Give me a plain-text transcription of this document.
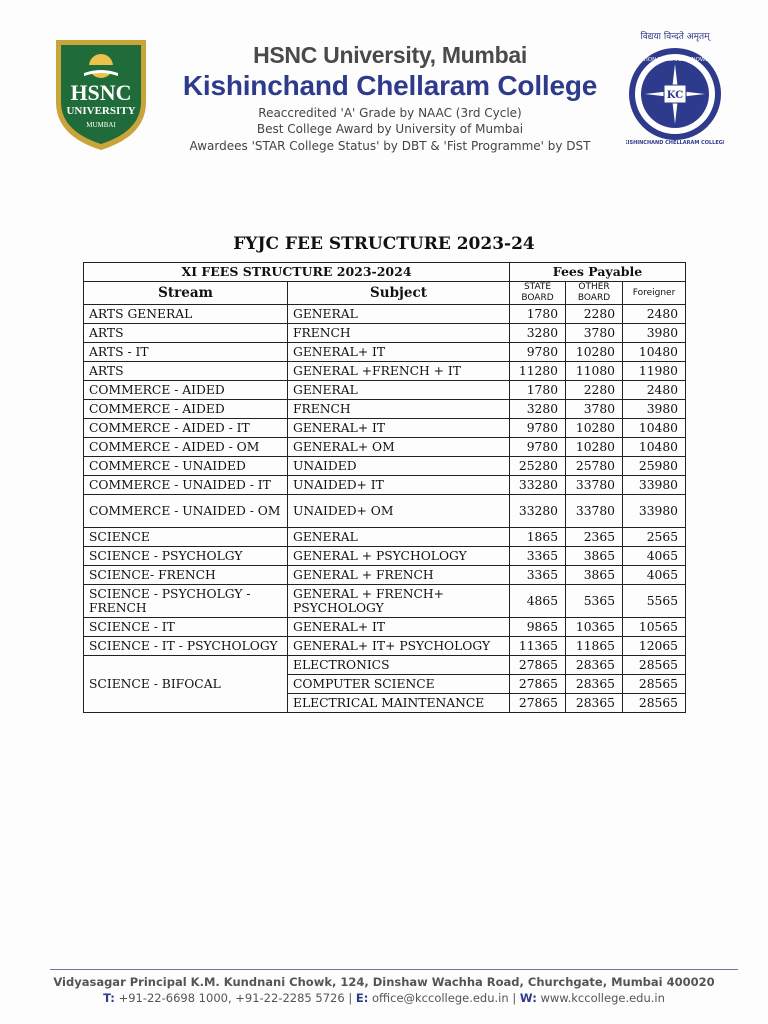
HSNC
UNIVERSITY
MUMBAI
HSNC University, Mumbai
Kishinchand Chellaram College
Reaccredited 'A' Grade by NAAC (3rd Cycle)
Best College Award by University of Mumbai
Awardees 'STAR College Status' by DBT & 'Fist Programme' by DST
विद्यया विन्दते अमृतम्
KC
SALVATION THROUGH KNOWLEDGE
KISHINCHAND CHELLARAM COLLEGE
FYJC FEE STRUCTURE 2023-24
XI FEES STRUCTURE 2023-2024		Fees Payable		
Stream	Subject	STATE BOARD	OTHER BOARD	Foreigner
ARTS GENERAL	GENERAL	1780	2280	2480
ARTS	FRENCH	3280	3780	3980
ARTS - IT	GENERAL+ IT	9780	10280	10480
ARTS	GENERAL +FRENCH + IT	11280	11080	11980
COMMERCE - AIDED	GENERAL	1780	2280	2480
COMMERCE - AIDED	FRENCH	3280	3780	3980
COMMERCE - AIDED - IT	GENERAL+ IT	9780	10280	10480
COMMERCE - AIDED - OM	GENERAL+ OM	9780	10280	10480
COMMERCE - UNAIDED	UNAIDED	25280	25780	25980
COMMERCE - UNAIDED - IT	UNAIDED+ IT	33280	33780	33980
COMMERCE - UNAIDED - OM	UNAIDED+ OM	33280	33780	33980
SCIENCE	GENERAL	1865	2365	2565
SCIENCE - PSYCHOLGY	GENERAL + PSYCHOLOGY	3365	3865	4065
SCIENCE- FRENCH	GENERAL + FRENCH	3365	3865	4065
SCIENCE - PSYCHOLGY - FRENCH	GENERAL + FRENCH+ PSYCHOLOGY	4865	5365	5565
SCIENCE - IT	GENERAL+ IT	9865	10365	10565
SCIENCE - IT - PSYCHOLOGY	GENERAL+ IT+ PSYCHOLOGY	11365	11865	12065
SCIENCE - BIFOCAL	ELECTRONICS	27865	28365	28565
	COMPUTER SCIENCE	27865	28365	28565
	ELECTRICAL MAINTENANCE	27865	28365	28565
Vidyasagar Principal K.M. Kundnani Chowk, 124, Dinshaw Wachha Road, Churchgate, Mumbai 400020
T: +91-22-6698 1000, +91-22-2285 5726 | E: office@kccollege.edu.in | W: www.kccollege.edu.in
